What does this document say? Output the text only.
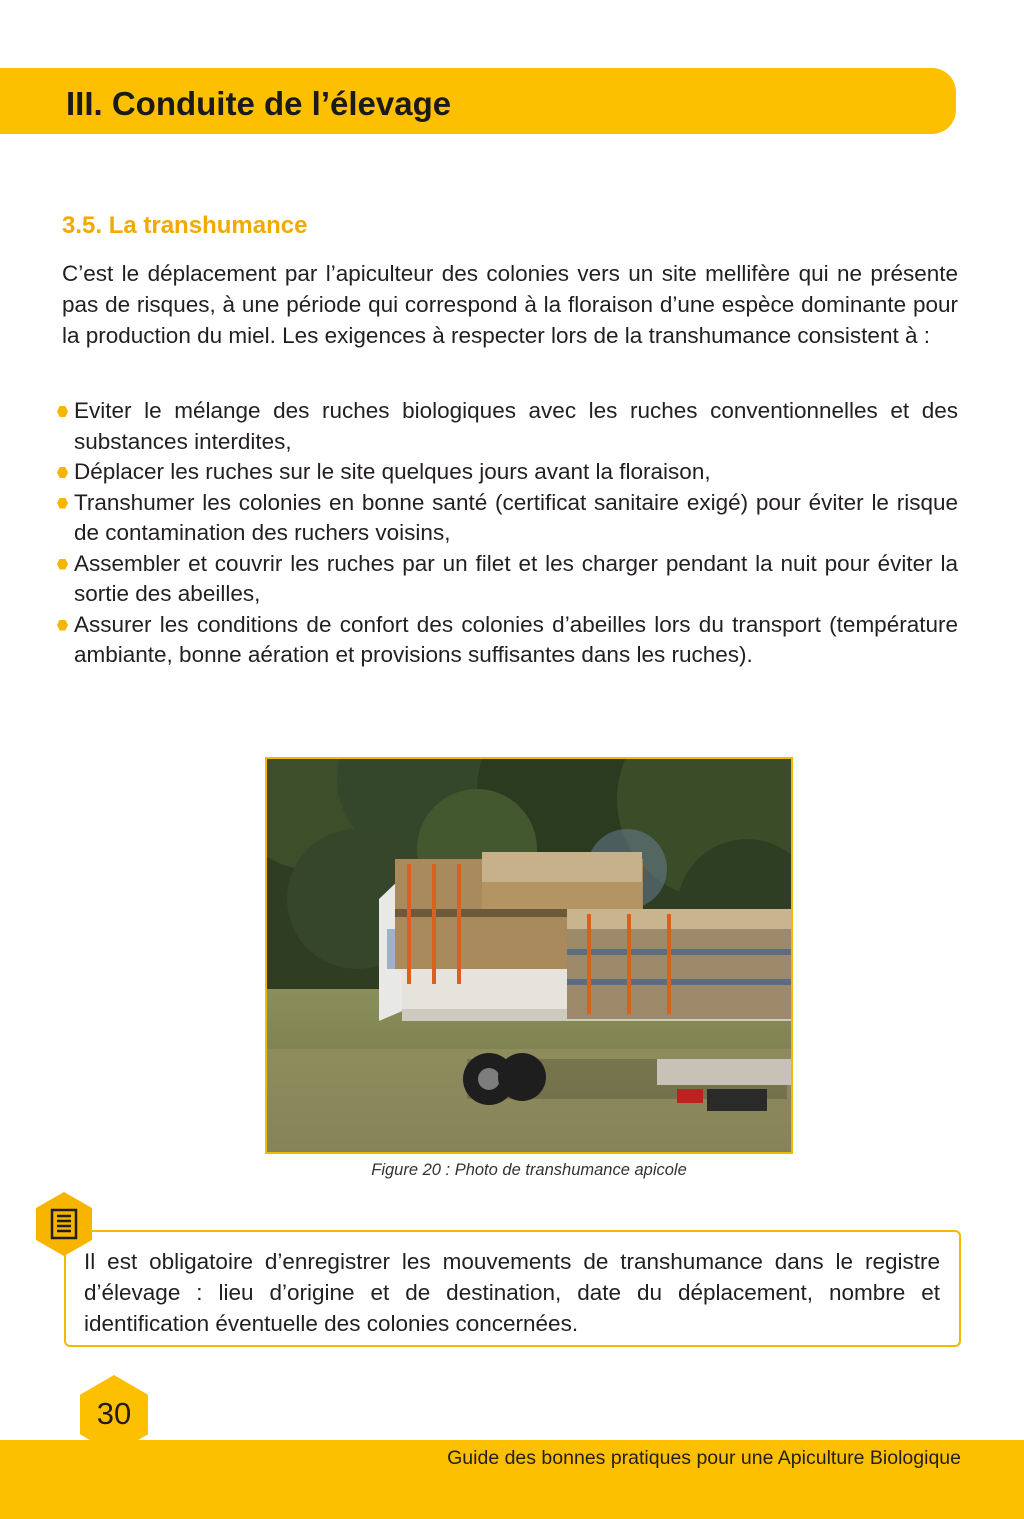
III. Conduite de l’élevage
3.5. La transhumance

C’est le déplacement par l’apiculteur des colonies vers un site mellifère qui ne présente pas de risques, à une période qui correspond à la floraison d’une espèce dominante pour la production du miel. Les exigences à respecter lors de la transhumance consistent à :

Eviter le mélange des ruches biologiques avec les ruches conventionnelles et des substances interdites,
Déplacer les ruches sur le site quelques jours avant la floraison,
Transhumer les colonies en bonne santé (certificat sanitaire exigé) pour éviter le risque de contamination des ruchers voisins,
Assembler et couvrir les ruches par un filet et les charger pendant la nuit pour éviter la sortie des abeilles,
Assurer les conditions de confort des colonies d’abeilles lors du transport (température ambiante, bonne aération et provisions suffisantes dans les ruches).

Figure 20 : Photo de transhumance apicole

Il est obligatoire d’enregistrer les mouvements de transhumance dans le registre d’élevage : lieu d’origine et de destination, date du déplacement, nombre et identification éventuelle des colonies concernées.

Guide des bonnes pratiques pour une Apiculture Biologique

30
